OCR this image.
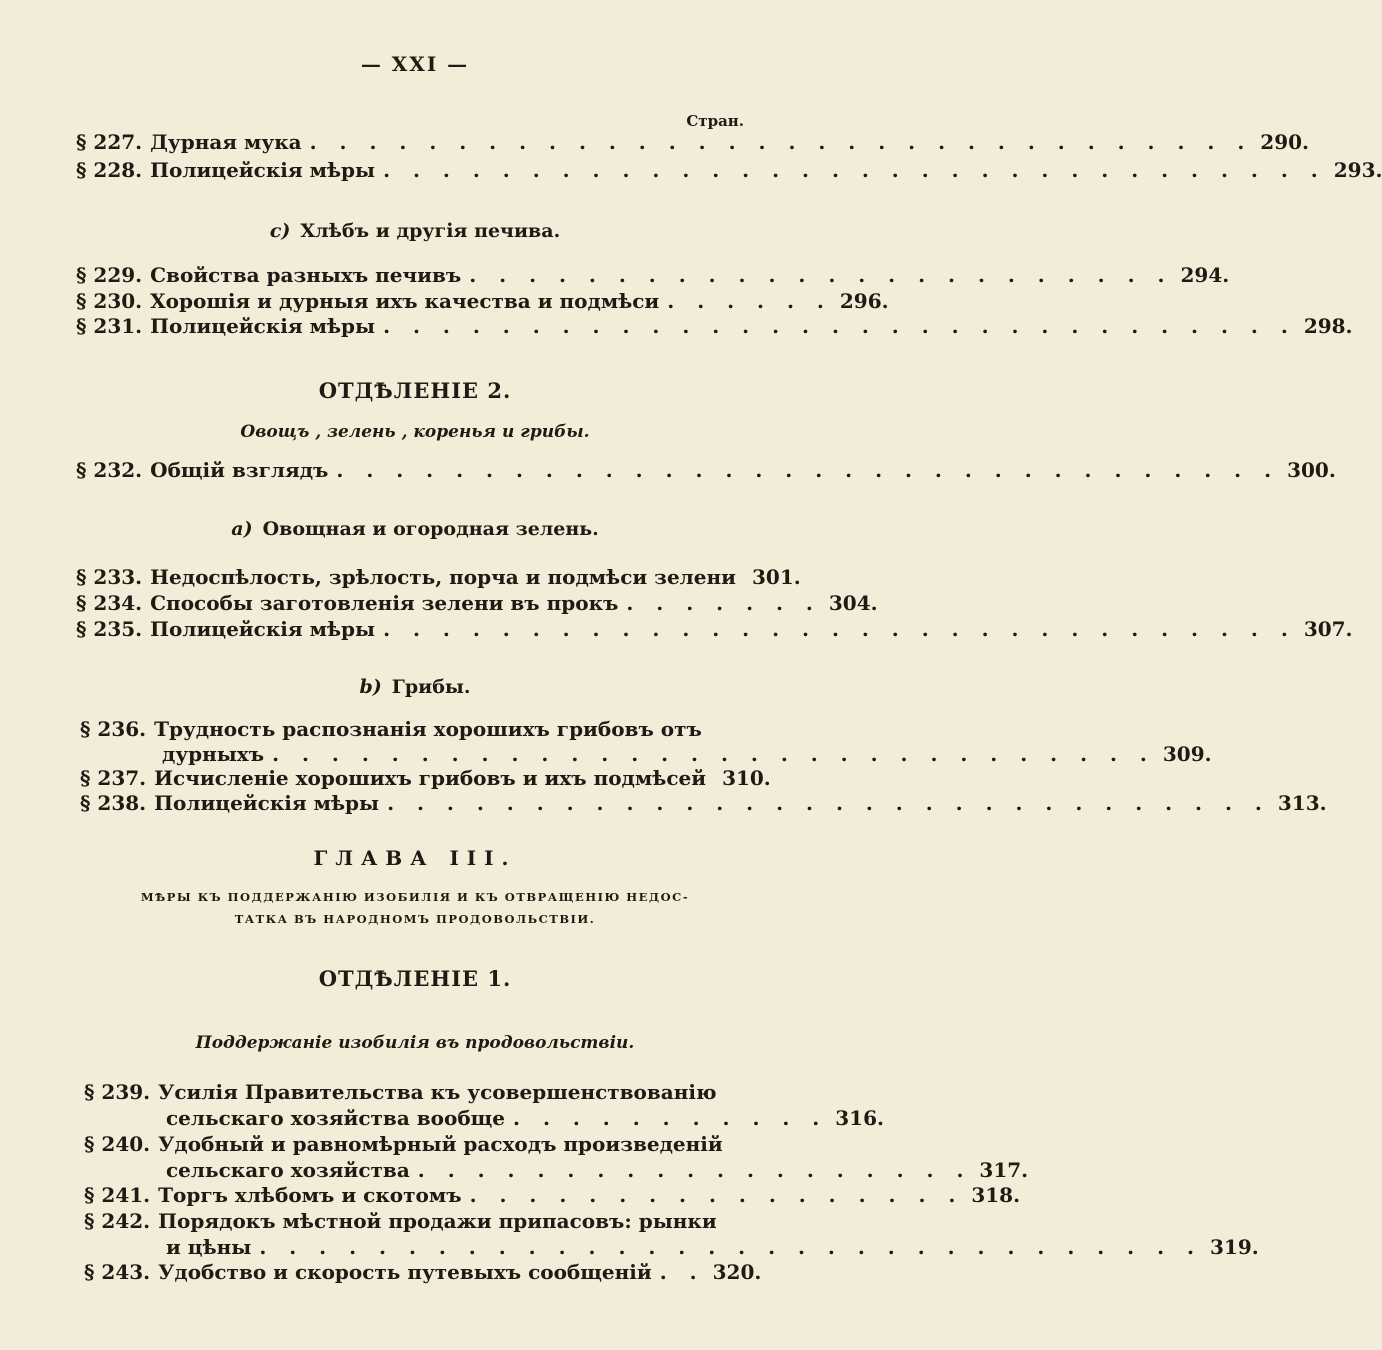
— XXI —
Стран.
§ 227. Дурная мука . . . . . . . . . . . . . . . . . . . . . . . . . . . . . . . . 290.
§ 228. Полицейскія мѣры . . . . . . . . . . . . . . . . . . . . . . . . . . . . . . . . 293.
c) Хлѣбъ и другія печива.
§ 229. Свойства разныхъ печивъ . . . . . . . . . . . . . . . . . . . . . . . . 294.
§ 230. Хорошія и дурныя ихъ качества и подмѣси . . . . . . 296.
§ 231. Полицейскія мѣры . . . . . . . . . . . . . . . . . . . . . . . . . . . . . . . 298.
ОТДѢЛЕНІЕ 2.
Овощъ , зелень , коренья и грибы.
§ 232. Общій взглядъ . . . . . . . . . . . . . . . . . . . . . . . . . . . . . . . . 300.
a) Овощная и огородная зелень.
§ 233. Недоспѣлость, зрѣлость, порча и подмѣси зелени 301.
§ 234. Способы заготовленія зелени въ прокъ . . . . . . . 304.
§ 235. Полицейскія мѣры . . . . . . . . . . . . . . . . . . . . . . . . . . . . . . . 307.
b) Грибы.
§ 236. Трудность распознанія хорошихъ грибовъ отъ
дурныхъ . . . . . . . . . . . . . . . . . . . . . . . . . . . . . . 309.
§ 237. Исчисленіе хорошихъ грибовъ и ихъ подмѣсей 310.
§ 238. Полицейскія мѣры . . . . . . . . . . . . . . . . . . . . . . . . . . . . . . 313.
ГЛАВА III.
МѢРЫ КЪ ПОДДЕРЖАНІЮ ИЗОБИЛІЯ И КЪ ОТВРАЩЕНІЮ НЕДОС-
ТАТКА ВЪ НАРОДНОМЪ ПРОДОВОЛЬСТВІИ.
ОТДѢЛЕНІЕ 1.
Поддержаніе изобилія въ продовольствіи.
§ 239. Усилія Правительства къ усовершенствованію
сельскаго хозяйства вообще . . . . . . . . . . . 316.
§ 240. Удобный и равномѣрный расходъ произведеній
сельскаго хозяйства . . . . . . . . . . . . . . . . . . . 317.
§ 241. Торгъ хлѣбомъ и скотомъ . . . . . . . . . . . . . . . . . 318.
§ 242. Порядокъ мѣстной продажи припасовъ: рынки
и цѣны . . . . . . . . . . . . . . . . . . . . . . . . . . . . . . . . 319.
§ 243. Удобство и скорость путевыхъ сообщеній . . 320.
